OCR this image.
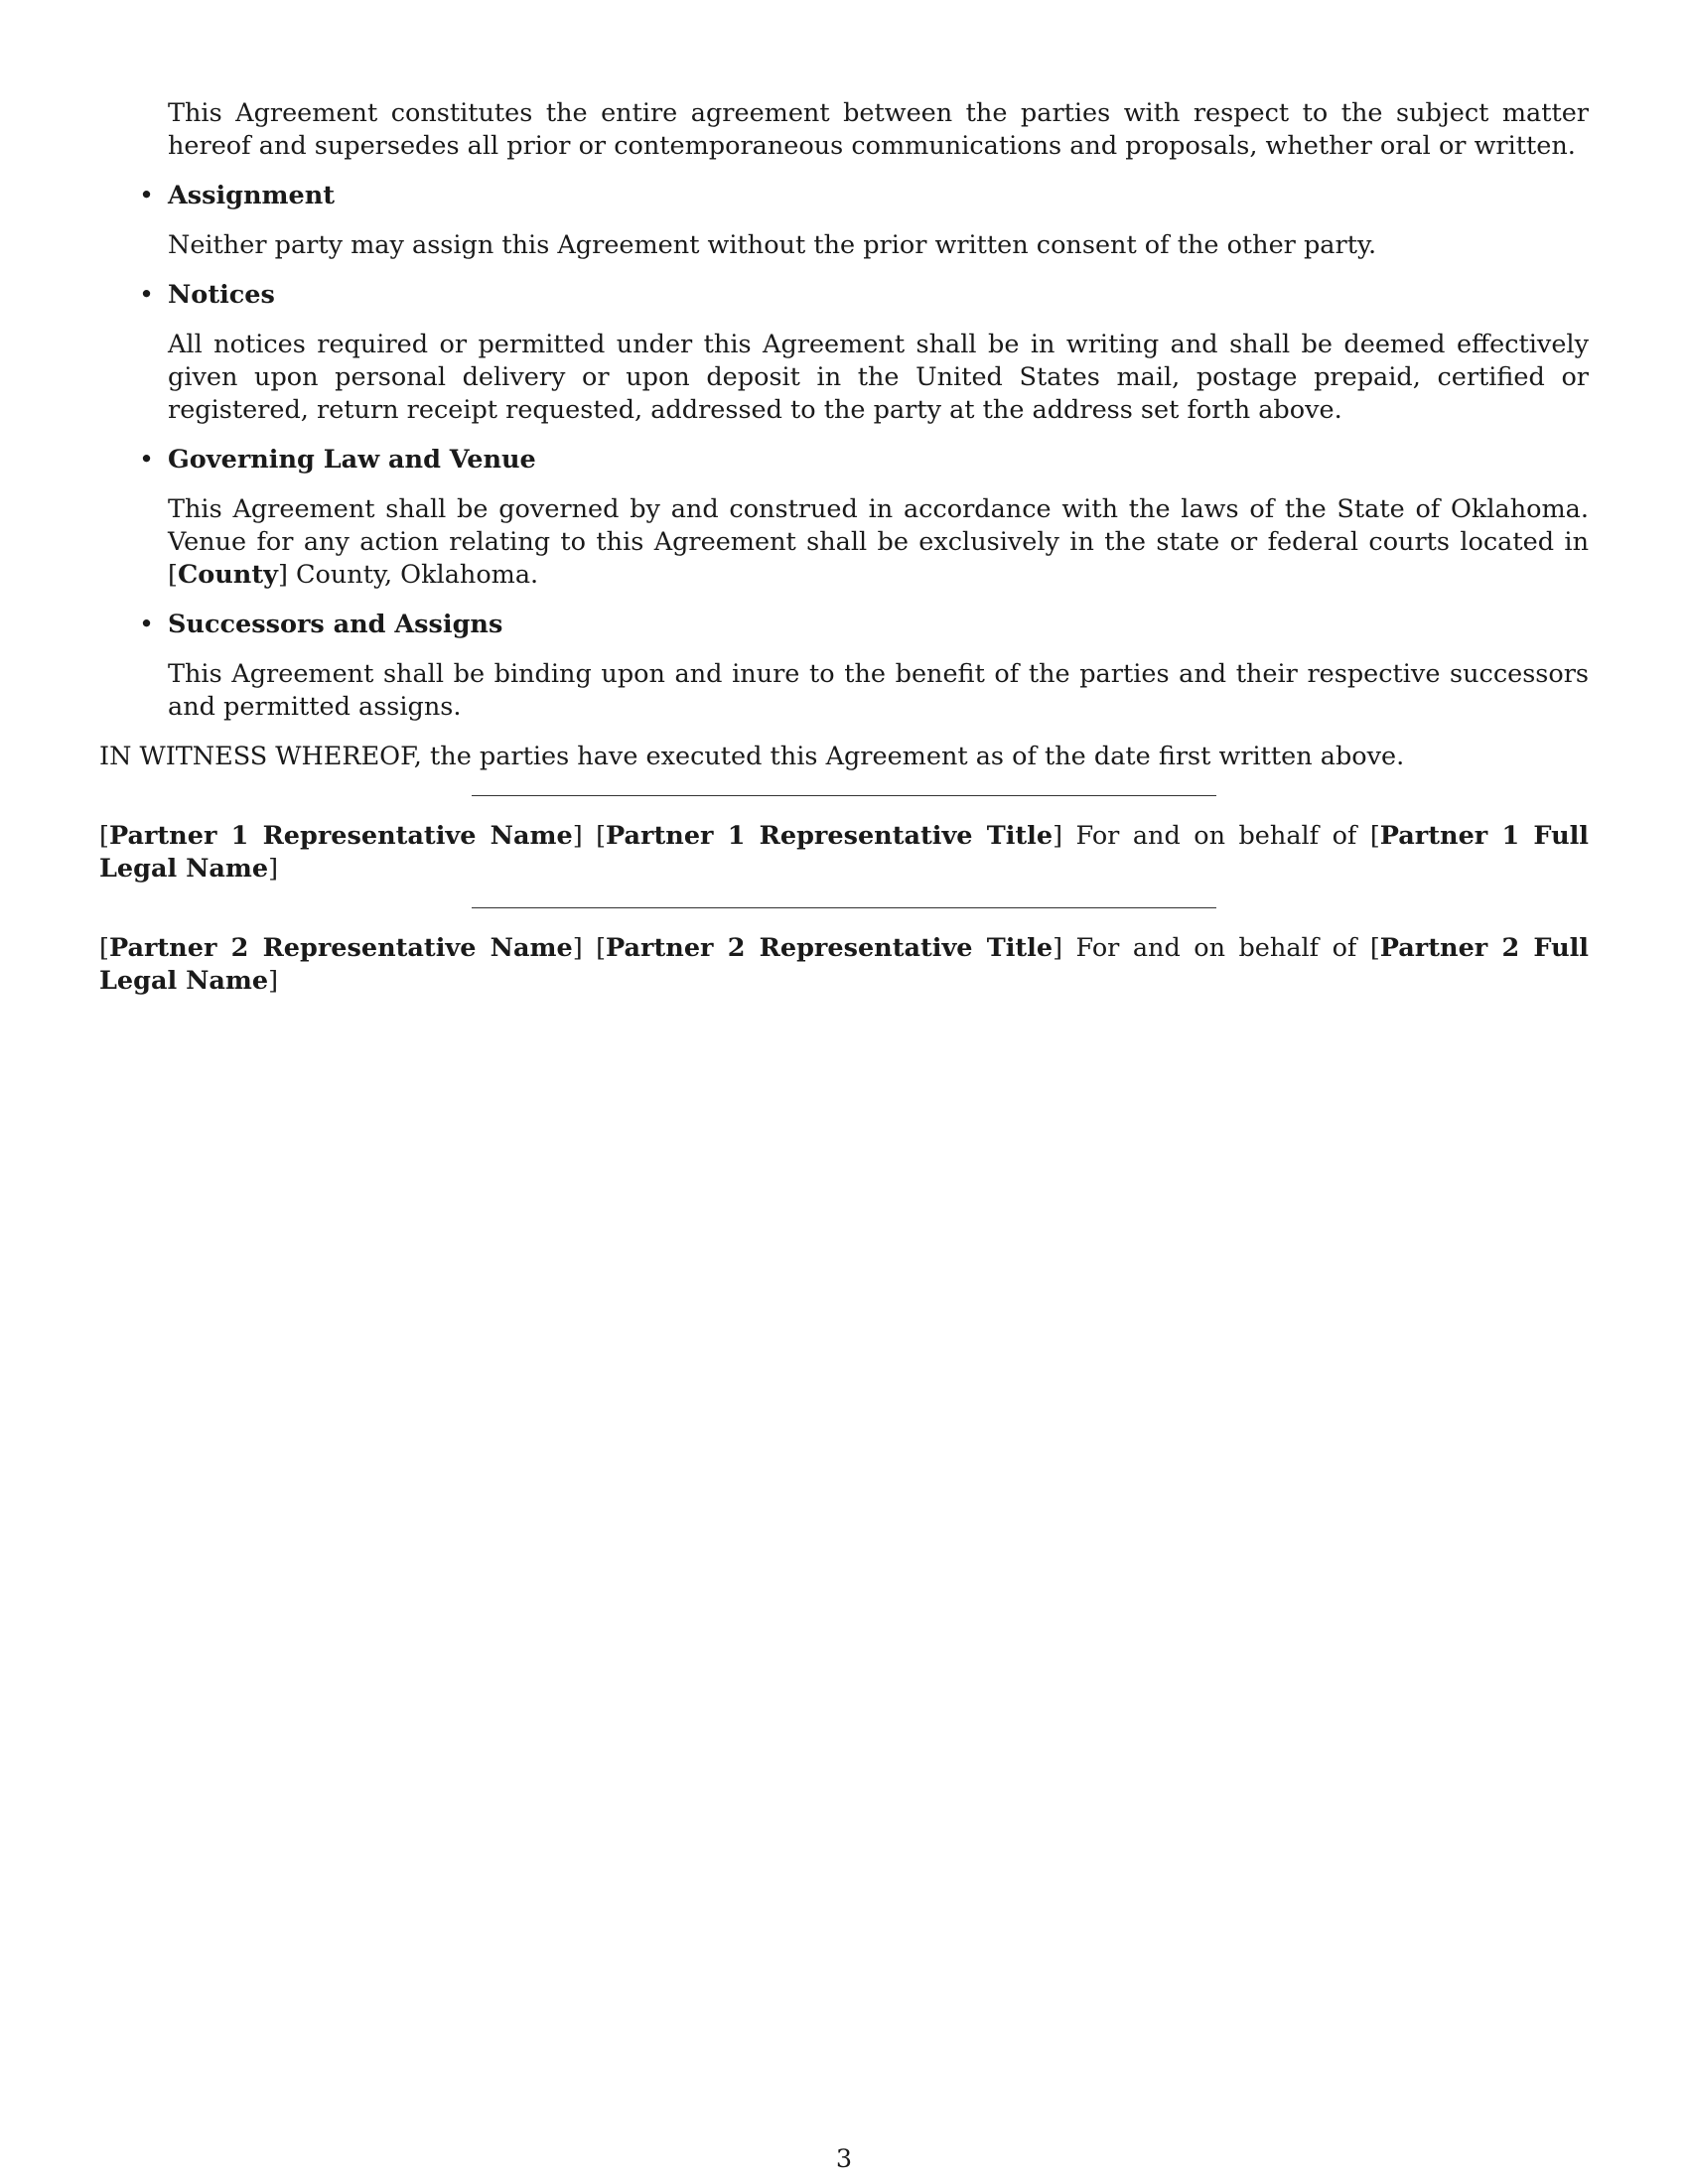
This Agreement constitutes the entire agreement between the parties with respect to the subject matter hereof and supersedes all prior or contemporaneous communications and proposals, whether oral or written.

• Assignment

Neither party may assign this Agreement without the prior written consent of the other party.

• Notices

All notices required or permitted under this Agreement shall be in writing and shall be deemed effectively given upon personal delivery or upon deposit in the United States mail, postage prepaid, certified or registered, return receipt requested, addressed to the party at the address set forth above.

• Governing Law and Venue

This Agreement shall be governed by and construed in accordance with the laws of the State of Oklahoma. Venue for any action relating to this Agreement shall be exclusively in the state or federal courts located in [County] County, Oklahoma.

• Successors and Assigns

This Agreement shall be binding upon and inure to the benefit of the parties and their respective successors and permitted assigns.

IN WITNESS WHEREOF, the parties have executed this Agreement as of the date first written above.

[Partner 1 Representative Name] [Partner 1 Representative Title] For and on behalf of [Partner 1 Full Legal Name]

[Partner 2 Representative Name] [Partner 2 Representative Title] For and on behalf of [Partner 2 Full Legal Name]

3
